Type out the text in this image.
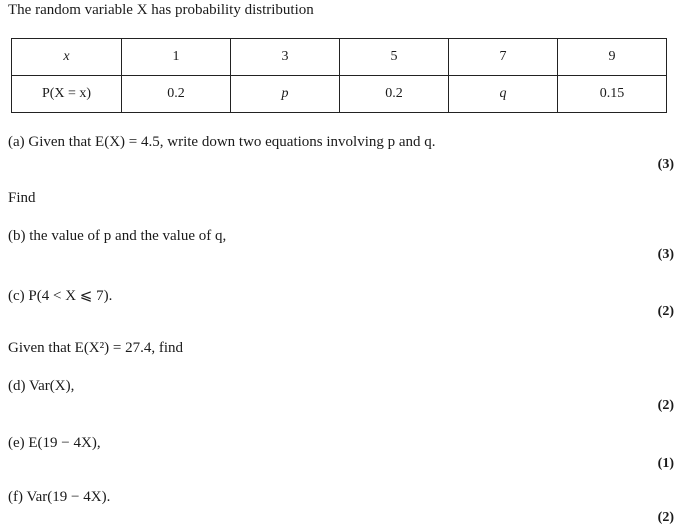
The random variable X has probability distribution
x	1	3	5	7	9
P(X = x)	0.2	p	0.2	q	0.15
(a) Given that E(X) = 4.5, write down two equations involving p and q.
(3)
Find
(b) the value of p and the value of q,
(3)
(c) P(4 < X ⩽ 7).
(2)
Given that E(X²) = 27.4, find
(d) Var(X),
(2)
(e) E(19 − 4X),
(1)
(f) Var(19 − 4X).
(2)
